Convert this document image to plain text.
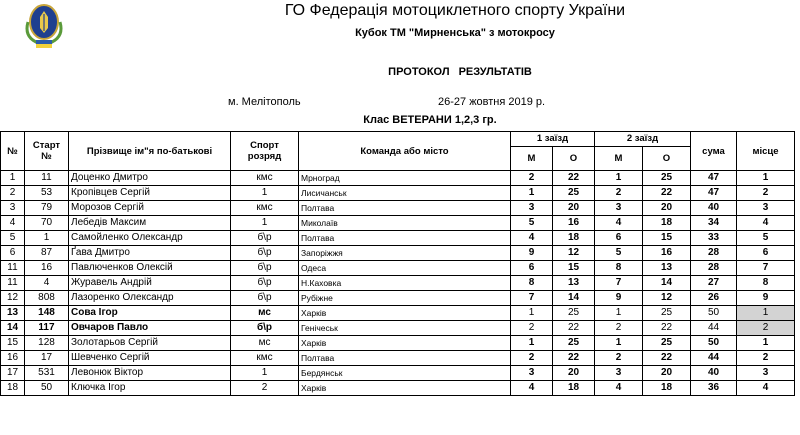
ГО Федерація мотоциклетного спорту України
Кубок ТМ "Мирненська" з мотокросу
ПРОТОКОЛ РЕЗУЛЬТАТІВ
м. Мелітополь	26-27 жовтня 2019 р.
Клас ВЕТЕРАНИ 1,2,3 гр.
№	Старт №	Прізвище ім"я по-батькові	Спорт розряд	Команда або місто	1 заїзд		2 заїзд		сума	місце
					М	О	М	О		
1	11	Доценко Дмитро	кмс	Мрноград	2	22	1	25	47	1
2	53	Кропівцев Сергій	1	Лисичанськ	1	25	2	22	47	2
3	79	Морозов Сергій	кмс	Полтава	3	20	3	20	40	3
4	70	Лебедів Максим	1	Миколаїв	5	16	4	18	34	4
5	1	Самойленко Олександр	б\р	Полтава	4	18	6	15	33	5
6	87	Ґава Дмитро	б\р	Запоріжжя	9	12	5	16	28	6
11	16	Павлюченков Олексій	б\р	Одеса	6	15	8	13	28	7
11	4	Журавель Андрій	б\р	Н.Каховка	8	13	7	14	27	8
12	808	Лазоренко Олександр	б\р	Рубіжне	7	14	9	12	26	9
13	148	Сова Ігор	мс	Харків	1	25	1	25	50	1
14	117	Овчаров Павло	б\р	Генічеськ	2	22	2	22	44	2
15	128	Золотарьов Сергій	мс	Харків	1	25	1	25	50	1
16	17	Шевченко Сергій	кмс	Полтава	2	22	2	22	44	2
17	531	Левонюк Віктор	1	Бердянськ	3	20	3	20	40	3
18	50	Ключка Ігор	2	Харків	4	18	4	18	36	4
